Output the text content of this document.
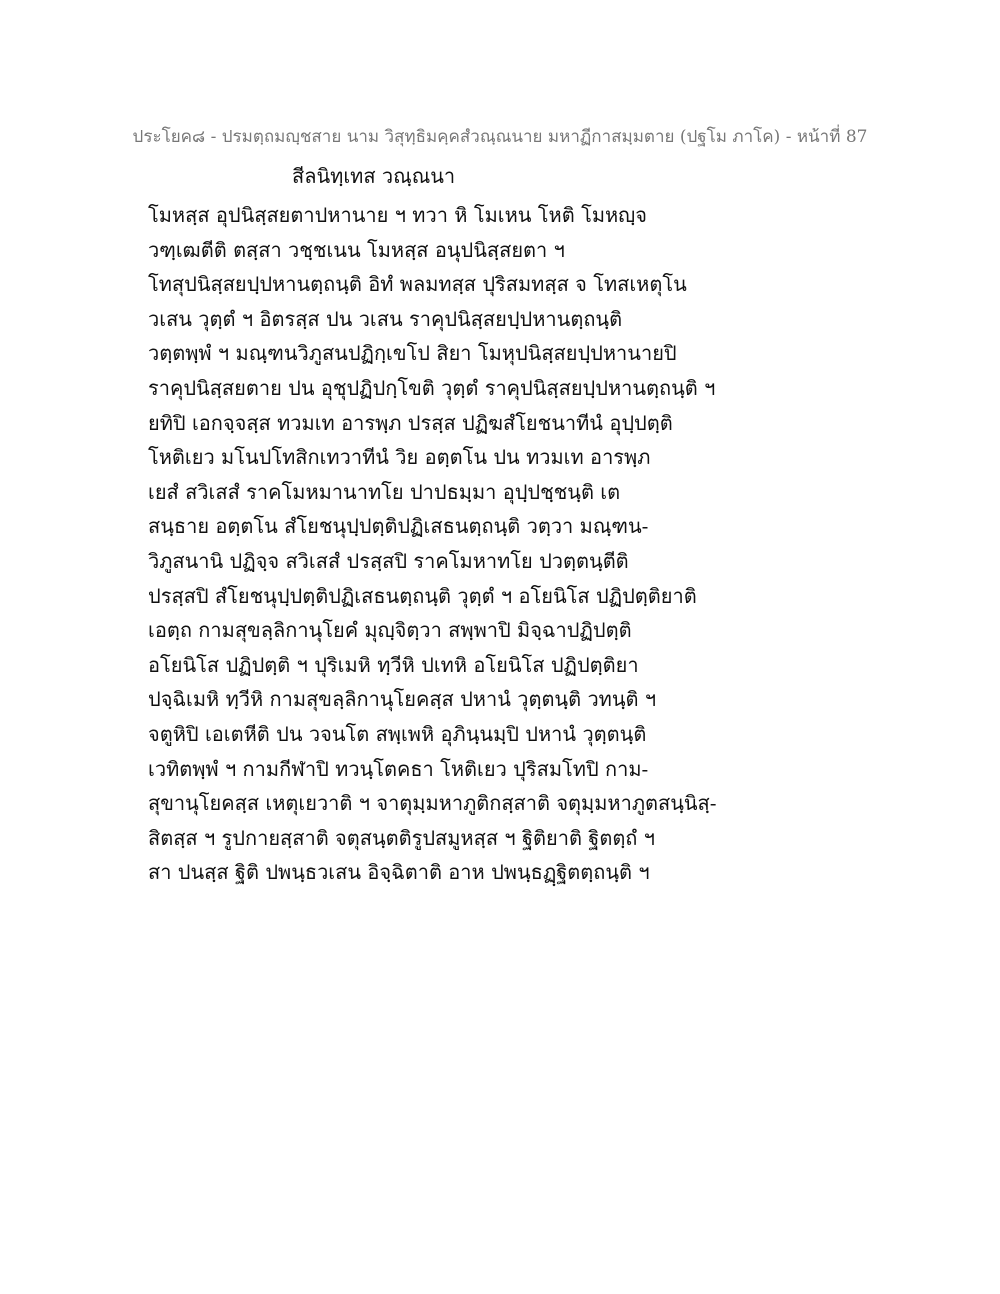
ประโยค๘ - ปรมตฺถมญฺชสาย นาม วิสุทฺธิมคฺคสํวณฺณนาย มหาฏีกาสมฺมตาย (ปฐโม ภาโค) - หน้าที่ 87
สีลนิทฺเทส วณฺณนา
โมหสฺส อุปนิสฺสยตาปหานาย ฯ ทวา หิ โมเหน โหติ โมหญฺจ
วฑฺเฒตีติ ตสฺสา วชฺชเนน โมหสฺส อนุปนิสฺสยตา ฯ
โทสุปนิสฺสยปฺปหานตฺถนฺติ อิทํ พลมทสฺส ปุริสมทสฺส จ โทสเหตุโน
วเสน วุตฺตํ ฯ อิตรสฺส ปน วเสน ราคุปนิสฺสยปฺปหานตฺถนฺติ
วตฺตพฺพํ ฯ มณฺฑนวิภูสนปฏิกฺเขโป สิยา โมหุปนิสฺสยปฺปหานายปิ
ราคุปนิสฺสยตาย ปน อุชุปฏิปกฺโขติ วุตฺตํ ราคุปนิสฺสยปฺปหานตฺถนฺติ ฯ
ยทิปิ เอกจฺจสฺส ทวมเท อารพฺภ ปรสฺส ปฏิฆสํโยชนาทีนํ อุปฺปตฺติ
โหติเยว มโนปโทสิกเทวาทีนํ วิย อตฺตโน ปน ทวมเท อารพฺภ
เยสํ สวิเสสํ ราคโมหมานาทโย ปาปธมฺมา อุปฺปชฺชนฺติ เต
สนฺธาย อตฺตโน สํโยชนุปฺปตฺติปฏิเสธนตฺถนฺติ วตฺวา มณฺฑน-
วิภูสนานิ ปฏิจฺจ สวิเสสํ ปรสฺสปิ ราคโมหาทโย ปวตฺตนฺตีติ
ปรสฺสปิ สํโยชนุปฺปตฺติปฏิเสธนตฺถนฺติ วุตฺตํ ฯ อโยนิโส ปฏิปตฺติยาติ
เอตฺถ กามสุขลฺลิกานุโยคํ มุญฺจิตฺวา สพฺพาปิ มิจฺฉาปฏิปตฺติ
อโยนิโส ปฏิปตฺติ ฯ ปุริเมหิ ทฺวีหิ ปเทหิ อโยนิโส ปฏิปตฺติยา
ปจฺฉิเมหิ ทฺวีหิ กามสุขลฺลิกานุโยคสฺส ปหานํ วุตฺตนฺติ วทนฺติ ฯ
จตูหิปิ เอเตหีติ ปน วจนโต สพฺเพหิ อุภินฺนมฺปิ ปหานํ วุตฺตนฺติ
เวทิตพฺพํ ฯ กามกีฬาปิ ทวนฺโตคธา โหติเยว ปุริสมโทปิ กาม-
สุขานุโยคสฺส เหตุเยวาติ ฯ จาตุมฺมหาภูติกสฺสาติ จตุมฺมหาภูตสนฺนิสฺ-
สิตสฺส ฯ รูปกายสฺสาติ จตุสนฺตติรูปสมูหสฺส ฯ ฐิติยาติ ฐิตตฺถํ ฯ
สา ปนสฺส ฐิติ ปพนฺธวเสน อิจฺฉิตาติ อาห ปพนฺธฏฺฐิตตฺถนฺติ ฯ
